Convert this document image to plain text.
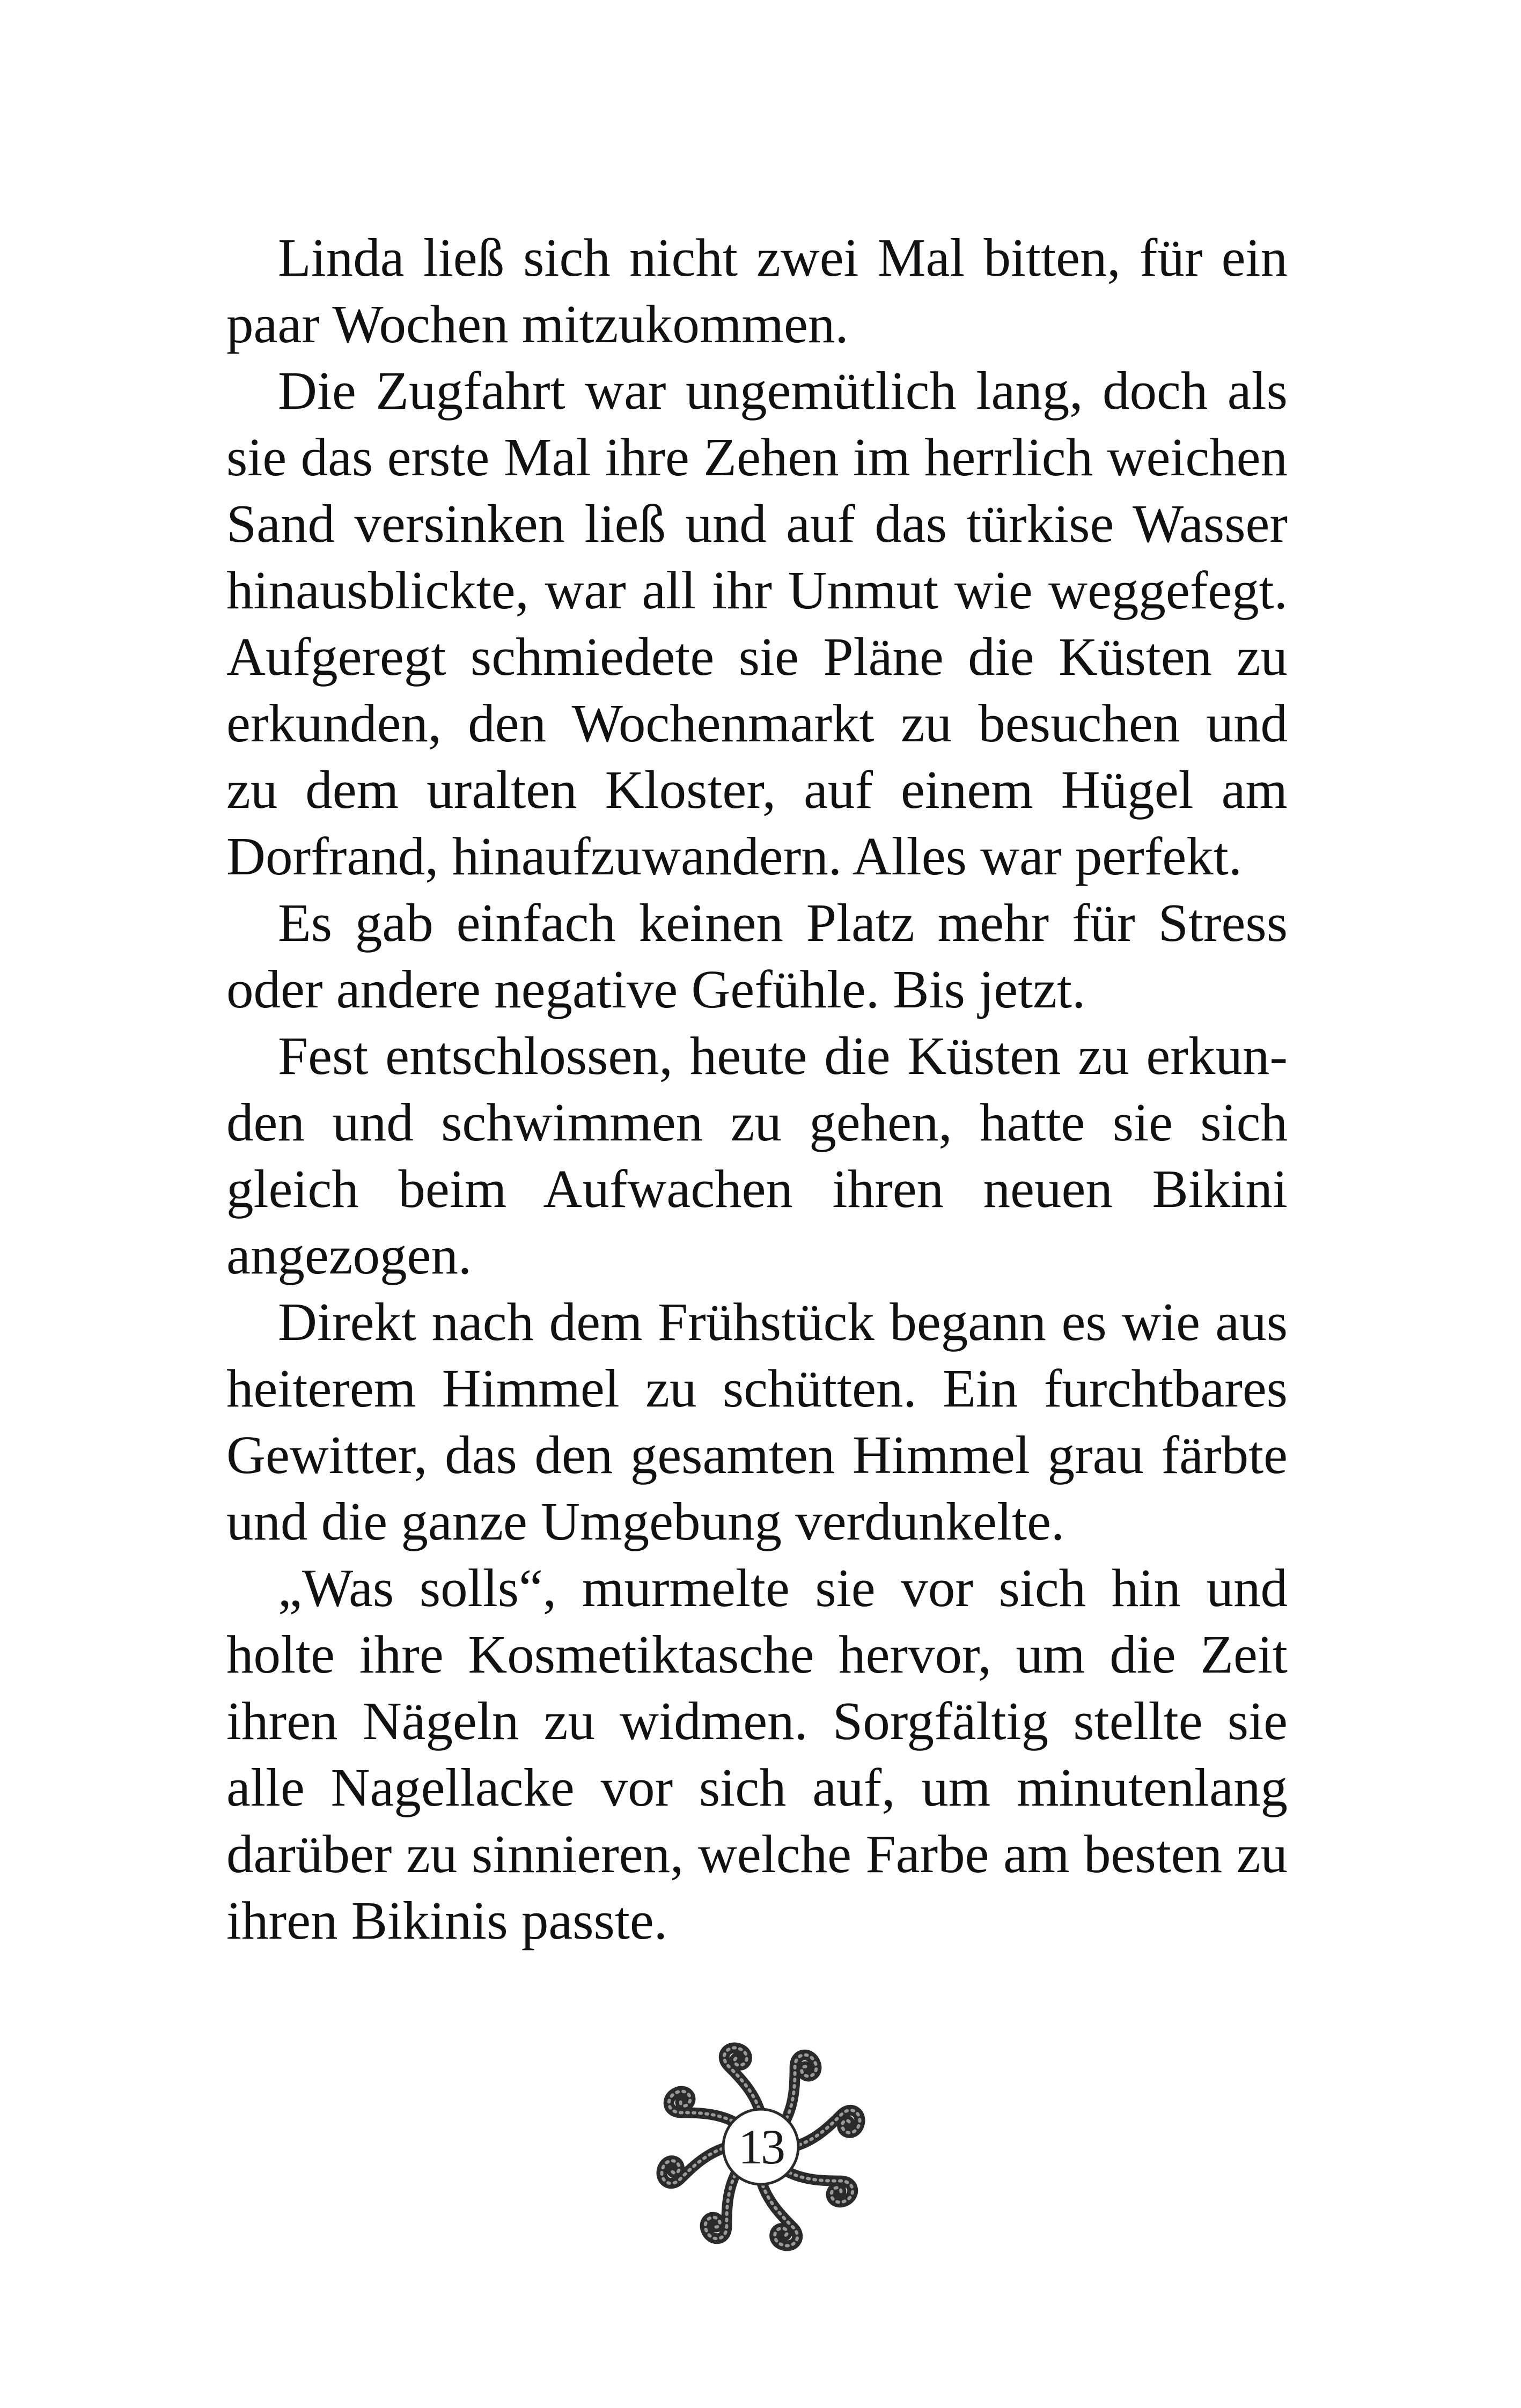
Linda ließ sich nicht zwei Mal bitten, für ein paar Wochen mitzukommen.

Die Zugfahrt war ungemütlich lang, doch als sie das erste Mal ihre Zehen im herrlich weichen Sand versinken ließ und auf das türkise Wasser hinausblickte, war all ihr Unmut wie weggefegt. Aufgeregt schmiedete sie Pläne die Küsten zu erkunden, den Wochenmarkt zu besuchen und zu dem uralten Kloster, auf einem Hügel am Dorfrand, hinaufzuwandern. Alles war perfekt.

Es gab einfach keinen Platz mehr für Stress oder andere negative Gefühle. Bis jetzt.

Fest entschlossen, heute die Küsten zu erkunden und schwimmen zu gehen, hatte sie sich gleich beim Aufwachen ihren neuen Bikini angezogen.

Direkt nach dem Frühstück begann es wie aus heiterem Himmel zu schütten. Ein furchtbares Gewitter, das den gesamten Himmel grau färbte und die ganze Umgebung verdunkelte.

„Was solls“, murmelte sie vor sich hin und holte ihre Kosmetiktasche hervor, um die Zeit ihren Nägeln zu widmen. Sorgfältig stellte sie alle Nagellacke vor sich auf, um minutenlang darüber zu sinnieren, welche Farbe am besten zu ihren Bikinis passte.

13
